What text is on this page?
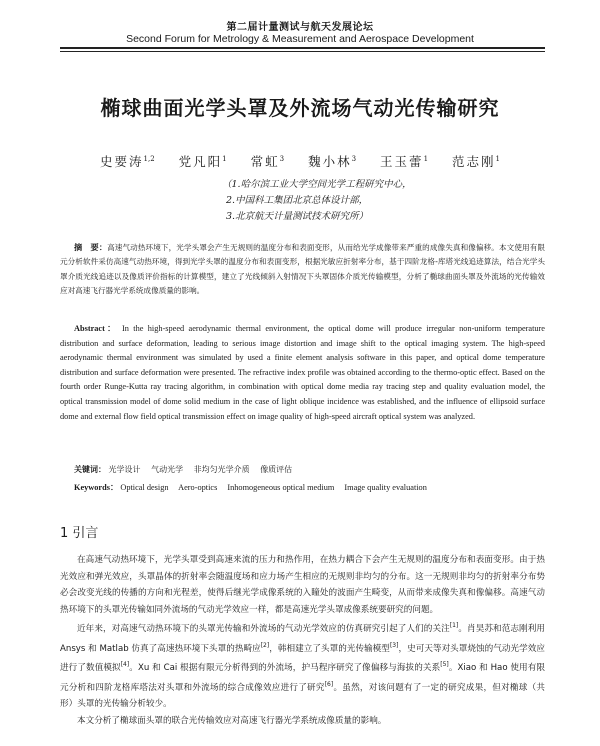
第二届计量测试与航天发展论坛
Second Forum for Metrology & Measurement and Aerospace Development
椭球曲面光学头罩及外流场气动光传输研究
史要涛$^{1,2}$ 党凡阳$^1$ 常虹$^3$ 魏小林$^3$ 王玉蕾$^1$ 范志刚$^1$
（1.哈尔滨工业大学空间光学工程研究中心，
2.中国科工集团北京总体设计部，
3.北京航天计量测试技术研究所）
摘　要：高速气动热环境下，光学头罩会产生无规则的温度分布和表面变形，从而给光学成像带来严重的成像失真和像偏移。本文使用有限元分析软件采仿高速气动热环境，得到光学头罩的温度分布和表面变形，根据光敏应折射率分布，基于四阶龙格-库塔光线追迹算法，结合光学头罩介质光线追迹以及像质评价指标的计算模型，建立了光线倾斜入射情况下头罩固体介质光传输模型，分析了椭球曲面头罩及外流场的光传输效应对高速飞行器光学系统成像质量的影响。
Abstract： In the high-speed aerodynamic thermal environment, the optical dome will produce irregular non-uniform temperature distribution and surface deformation, leading to serious image distortion and image shift to the optical imaging system. The high-speed aerodynamic thermal environment was simulated by used a finite element analysis software in this paper, and optical dome temperature distribution and surface deformation were presented. The refractive index profile was obtained according to the thermo-optic effect. Based on the fourth order Runge-Kutta ray tracing algorithm, in combination with optical dome media ray tracing step and quality evaluation model, the optical transmission model of dome solid medium in the case of light oblique incidence was established, and the influence of ellipsoid surface dome and external flow field optical transmission effect on image quality of high-speed aircraft optical system was analyzed.
关键词： 光学设计 气动光学 非均匀光学介质 像质评估
Keywords： Optical design Aero-optics Inhomogeneous optical medium Image quality evaluation
1 引言

在高速气动热环境下，光学头罩受到高速来流的压力和热作用，在热力耦合下会产生无规则的温度分布和表面变形。由于热光效应和弹光效应，头罩晶体的折射率会随温度场和应力场产生相应的无规则非均匀的分布。这一无规则非均匀的折射率分布势必会改变光线的传播的方向和光程差，使得后继光学成像系统的入瞳处的波面产生畸变，从而带来成像失真和像偏移。高速气动热环境下的头罩光传输如同外流场的气动光学效应一样，都是高速光学头罩成像系统要研究的问题。

近年来，对高速气动热环境下的头罩光传输和外流场的气动光学效应的仿真研究引起了人们的关注[1]。肖昊苏和范志刚利用 Ansys 和 Matlab 仿真了高速热环境下头罩的热畸应[2]，韩相建立了头罩的光传输模型[3]，史可天等对头罩烧蚀的气动光学效应进行了数值模拟[4]。Xu 和 Cai 根据有限元分析得到的外流场，护马程序研究了像偏移与海拔的关系[5]。Xiao 和 Hao 使用有限元分析和四阶龙格库塔法对头罩和外流场的综合成像效应进行了研究[6]。虽然，对该问题有了一定的研究成果，但对椭球（共形）头罩的光传输分析较少。

本文分析了椭球面头罩的联合光传输效应对高速飞行器光学系统成像质量的影响。
